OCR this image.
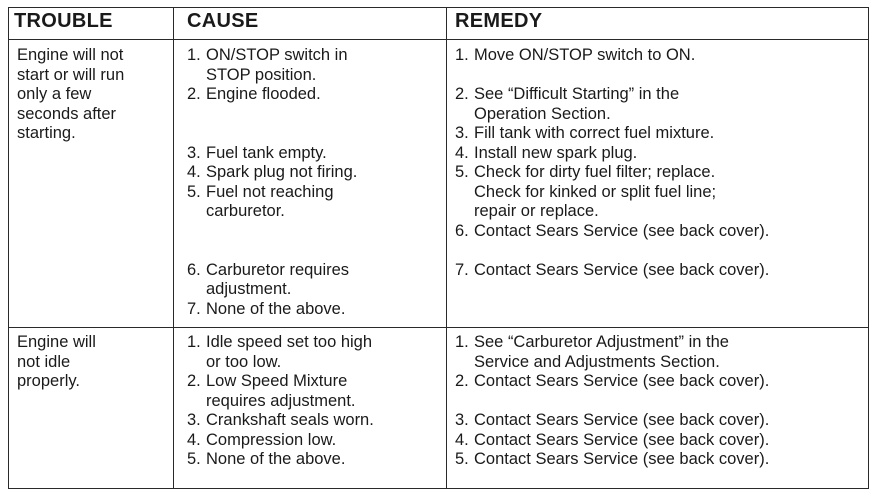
TROUBLE	CAUSE	REMEDY
Engine will not
start or will run
only a few
seconds after
starting.
1. ON/STOP switch in
STOP position.
2. Engine flooded.

3. Fuel tank empty.
4. Spark plug not firing.
5. Fuel not reaching
carburetor.

6. Carburetor requires
adjustment.
7. None of the above.
1. Move ON/STOP switch to ON.

2. See “Difficult Starting” in the
Operation Section.
3. Fill tank with correct fuel mixture.
4. Install new spark plug.
5. Check for dirty fuel filter; replace.
Check for kinked or split fuel line;
repair or replace.
6. Contact Sears Service (see back cover).

7. Contact Sears Service (see back cover).
Engine will
not idle
properly.
1. Idle speed set too high
or too low.
2. Low Speed Mixture
requires adjustment.
3. Crankshaft seals worn.
4. Compression low.
5. None of the above.
1. See “Carburetor Adjustment” in the
Service and Adjustments Section.
2. Contact Sears Service (see back cover).

3. Contact Sears Service (see back cover).
4. Contact Sears Service (see back cover).
5. Contact Sears Service (see back cover).
